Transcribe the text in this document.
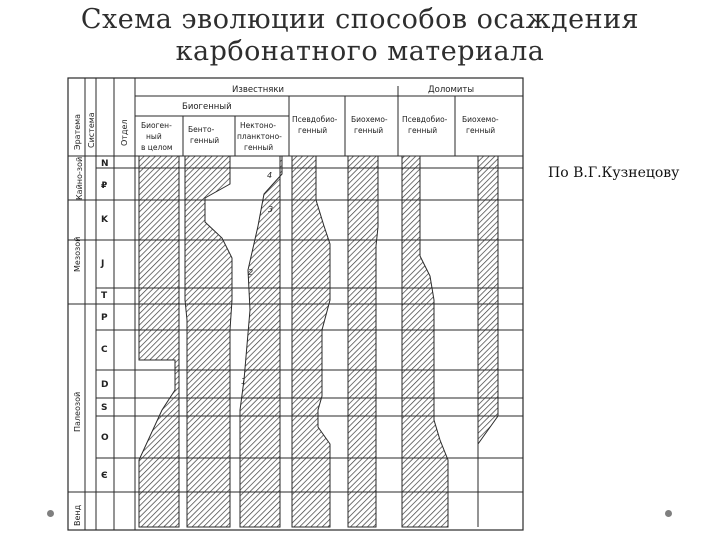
Схема эволюции способов осаждения
карбонатного материала
По В.Г.Кузнецову
Эратема Система	Отдел
Известняки	Доломиты
Биогенный
Биоген-
ный
в целом
Бенто-
генный
Нектоно-
планктоно-
генный
Псевдобио-
генный
Биохемо-
генный
Псевдобио-
генный
Биохемо-
генный
Кайно-зой
Мезозой
Палеозой
Венд
N
₽
K
J
T
P
C
D
S
O
Є
4
3
2
1
